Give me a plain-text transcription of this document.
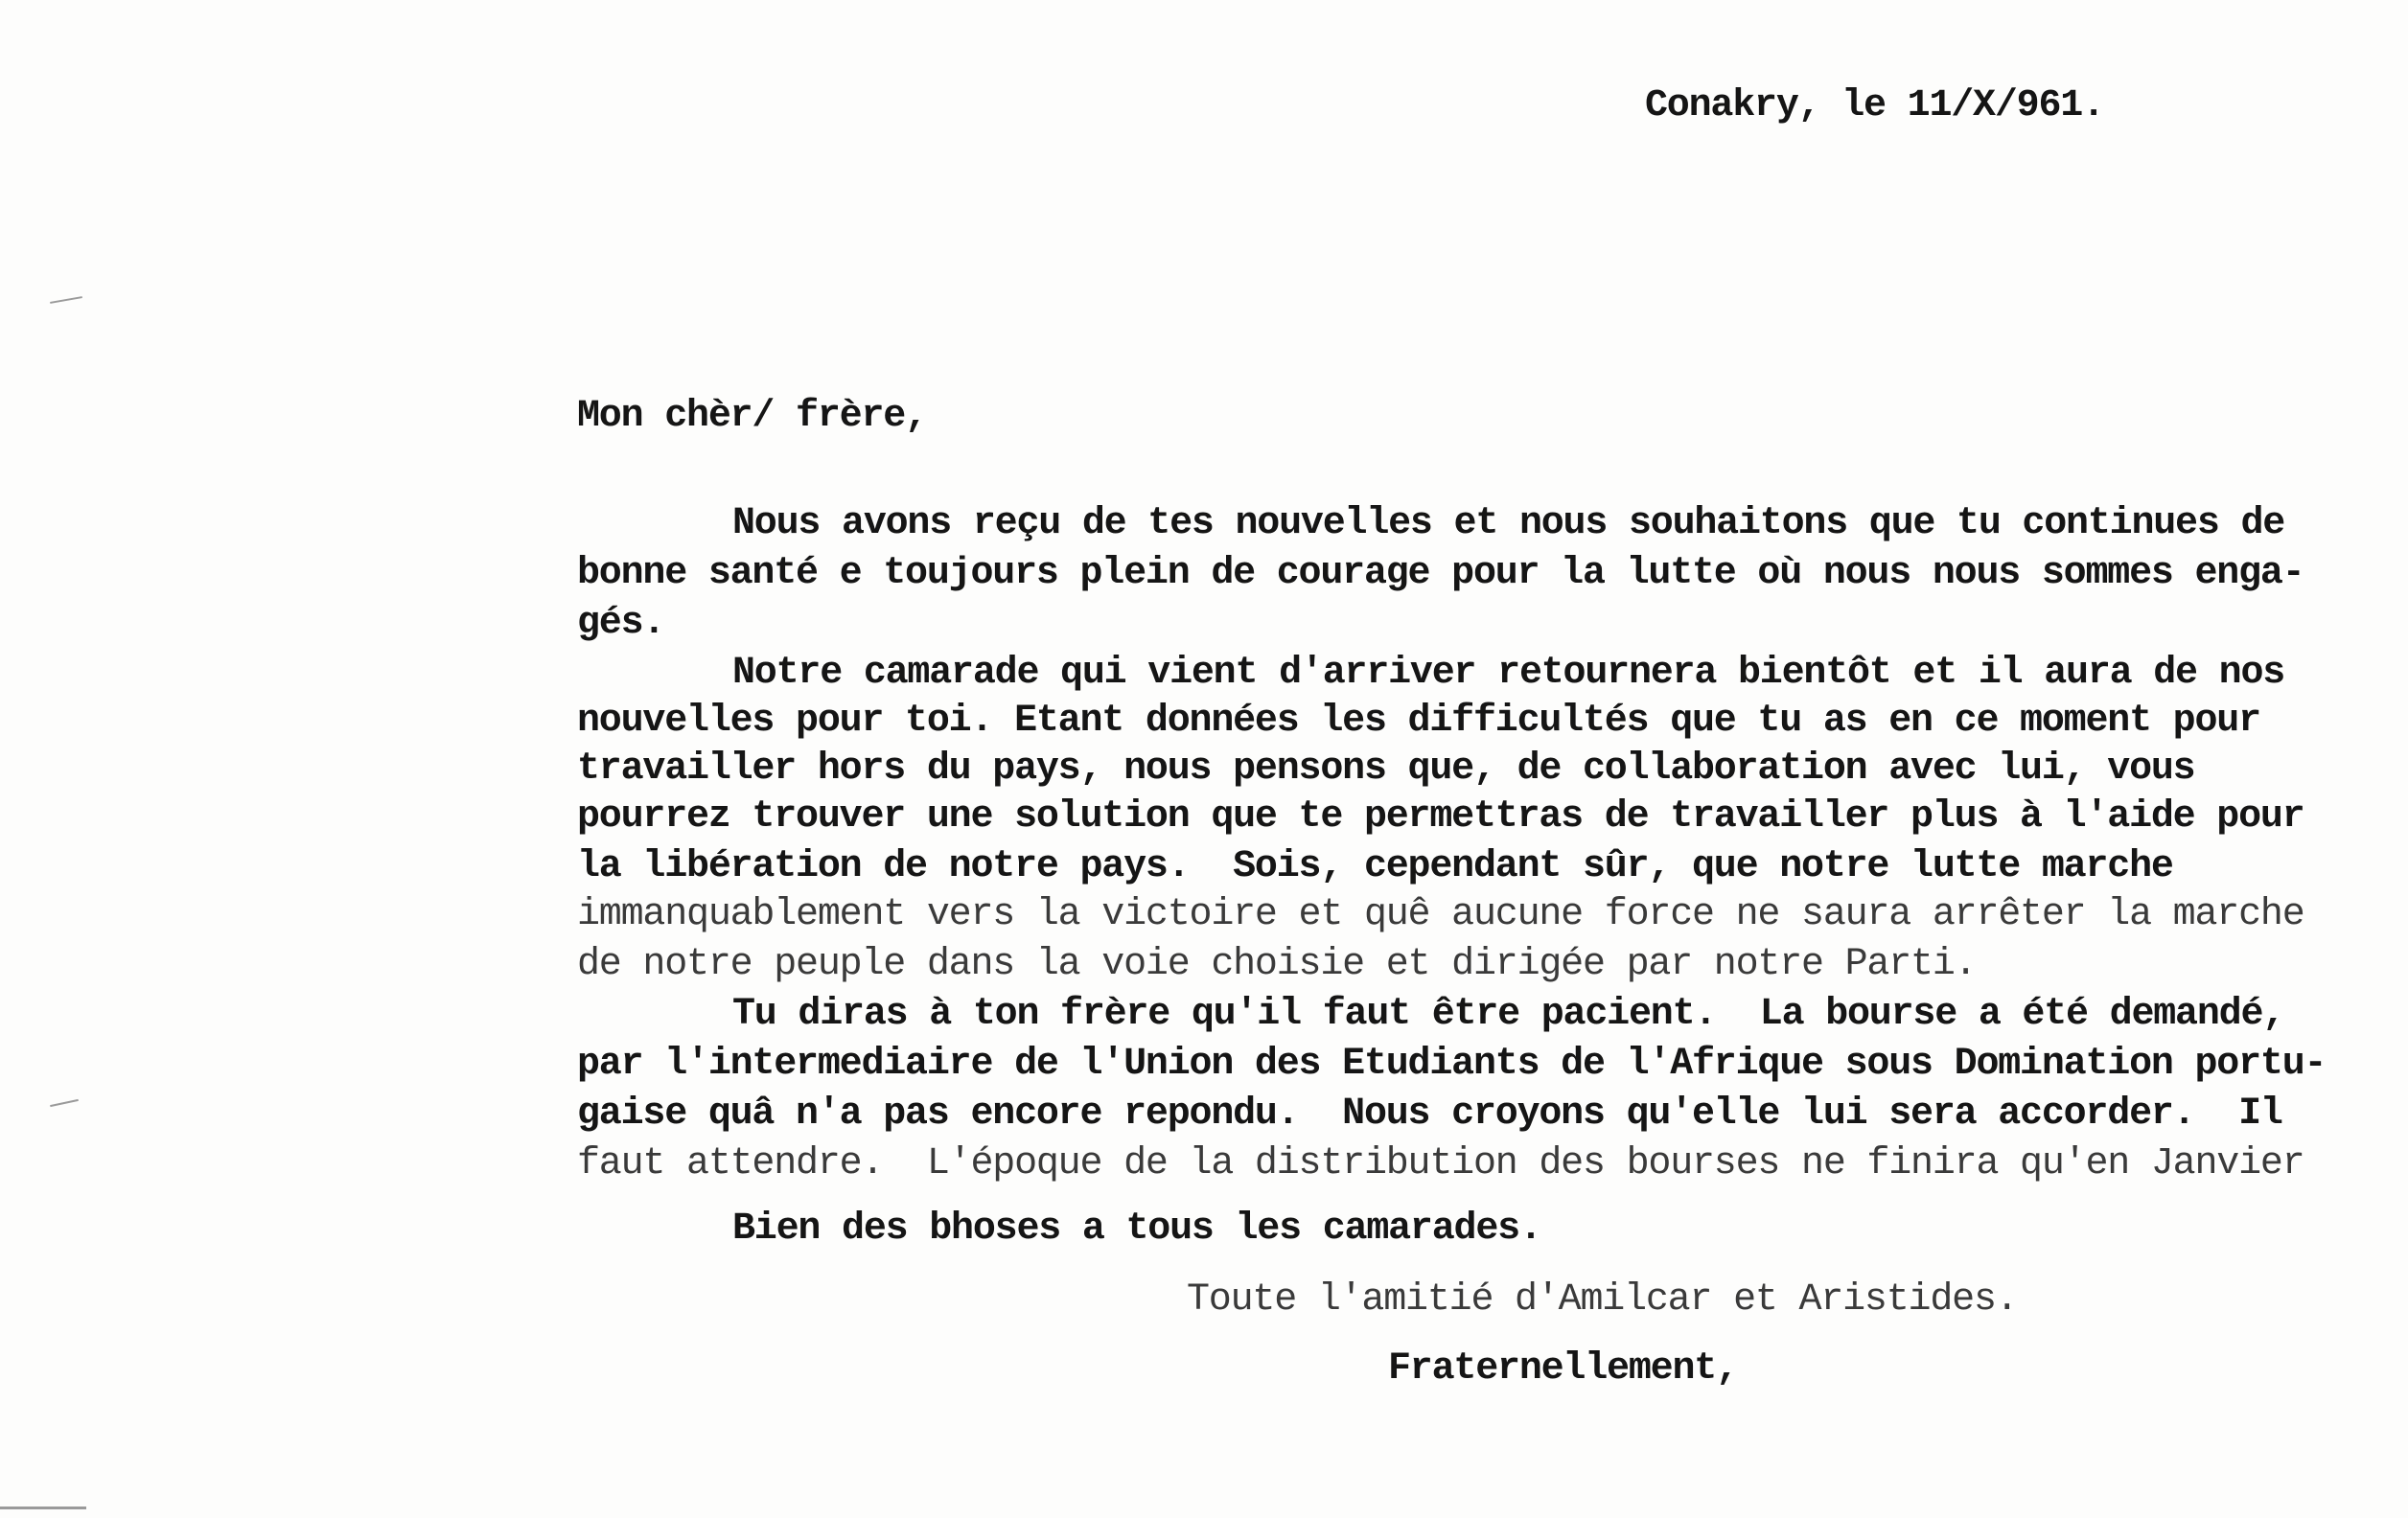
Conakry, le 11/X/961.
Mon chèr/ frère,
Nous avons reçu de tes nouvelles et nous souhaitons que tu continues de
bonne santé e toujours plein de courage pour la lutte où nous nous sommes enga-
gés.
Notre camarade qui vient d'arriver retournera bientôt et il aura de nos
nouvelles pour toi. Etant données les difficultés que tu as en ce moment pour
travailler hors du pays, nous pensons que, de collaboration avec lui, vous
pourrez trouver une solution que te permettras de travailler plus à l'aide pour
la libération de notre pays.  Sois, cependant sûr, que notre lutte marche
immanquablement vers la victoire et quê aucune force ne saura arrêter la marche
de notre peuple dans la voie choisie et dirigée par notre Parti.
Tu diras à ton frère qu'il faut être pacient.  La bourse a été demandé,
par l'intermediaire de l'Union des Etudiants de l'Afrique sous Domination portu-
gaise quâ n'a pas encore repondu.  Nous croyons qu'elle lui sera accorder.  Il
faut attendre.  L'époque de la distribution des bourses ne finira qu'en Janvier
Bien des bhoses a tous les camarades.
Toute l'amitié d'Amilcar et Aristides.
Fraternellement,
